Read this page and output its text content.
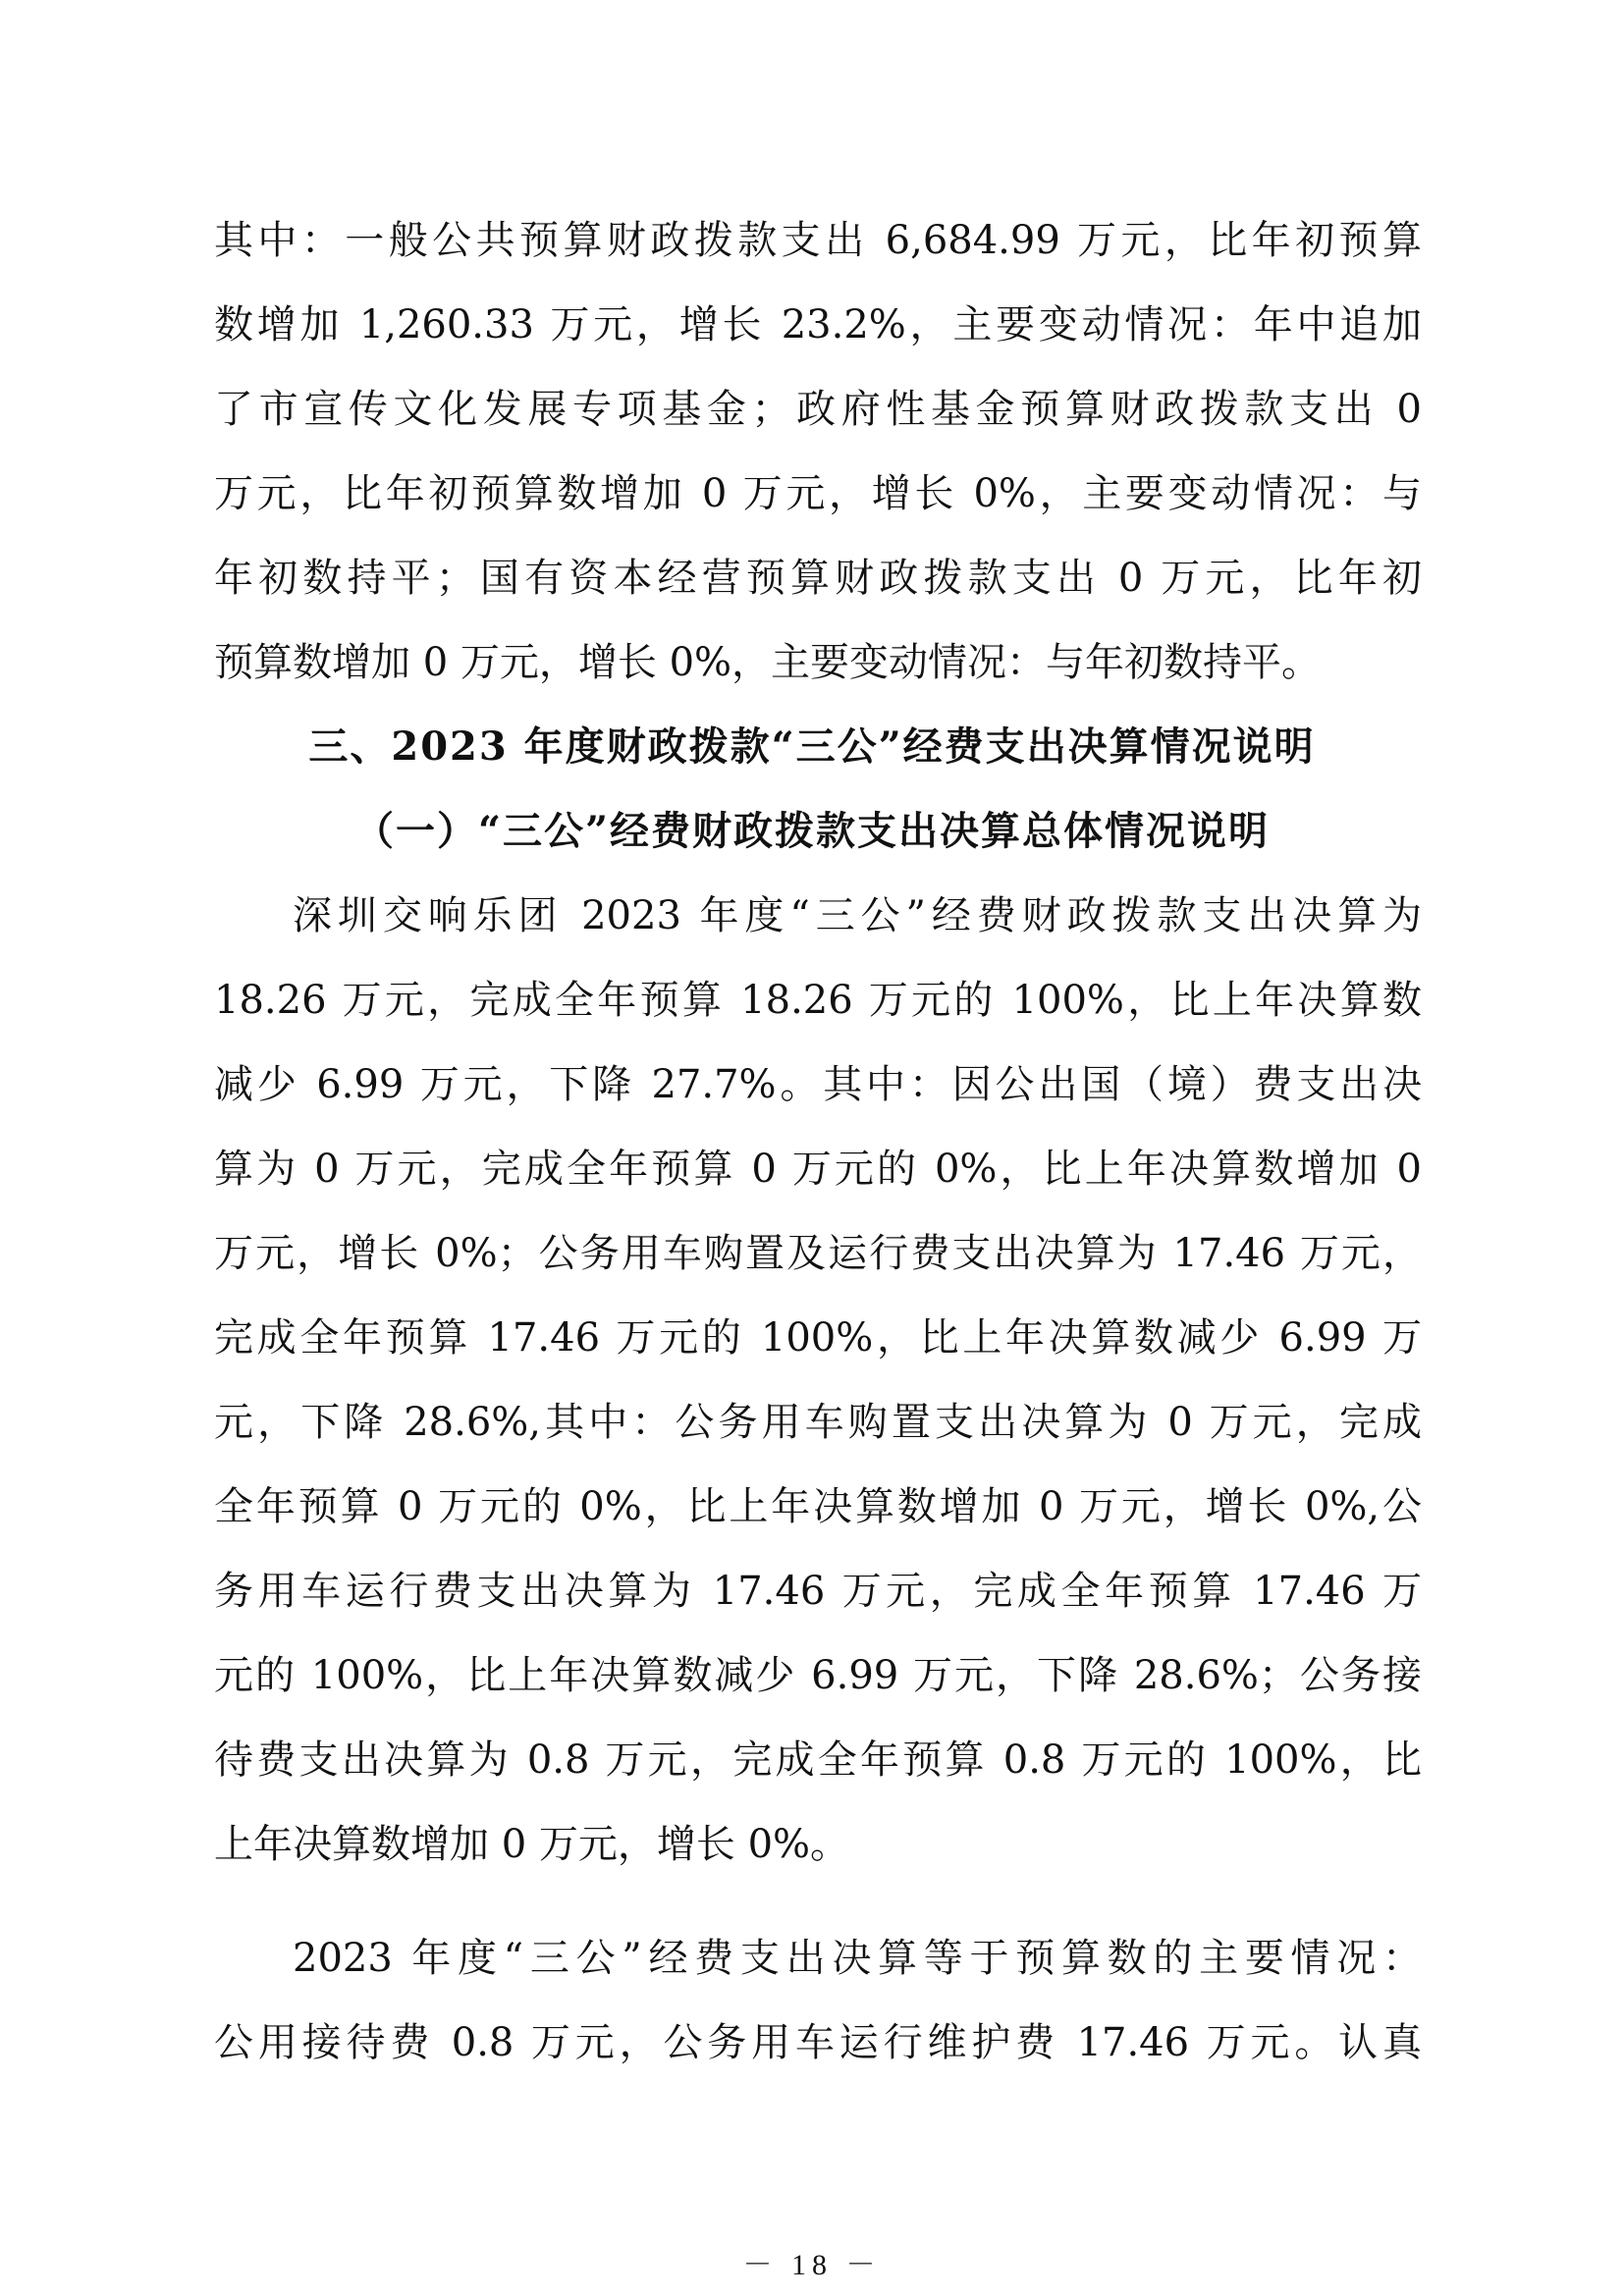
其中：一般公共预算财政拨款支出 6,684.99 万元，比年初预算
数增加 1,260.33 万元，增长 23.2%，主要变动情况：年中追加
了市宣传文化发展专项基金；政府性基金预算财政拨款支出 0
万元，比年初预算数增加 0 万元，增长 0%，主要变动情况：与
年初数持平；国有资本经营预算财政拨款支出 0 万元，比年初
预算数增加 0 万元，增长 0%，主要变动情况：与年初数持平。
三、2023 年度财政拨款“三公”经费支出决算情况说明
（一）“三公”经费财政拨款支出决算总体情况说明
深圳交响乐团 2023 年度“三公”经费财政拨款支出决算为
18.26 万元，完成全年预算 18.26 万元的 100%，比上年决算数
减少 6.99 万元，下降 27.7%。其中：因公出国（境）费支出决
算为 0 万元，完成全年预算 0 万元的 0%，比上年决算数增加 0
万元，增长 0%；公务用车购置及运行费支出决算为 17.46 万元，
完成全年预算 17.46 万元的 100%，比上年决算数减少 6.99 万
元，下降 28.6%,其中：公务用车购置支出决算为 0 万元，完成
全年预算 0 万元的 0%，比上年决算数增加 0 万元，增长 0%,公
务用车运行费支出决算为 17.46 万元，完成全年预算 17.46 万
元的 100%，比上年决算数减少 6.99 万元，下降 28.6%；公务接
待费支出决算为 0.8 万元，完成全年预算 0.8 万元的 100%，比
上年决算数增加 0 万元，增长 0%。
2023 年度“三公”经费支出决算等于预算数的主要情况：
公用接待费 0.8 万元，公务用车运行维护费 17.46 万元。认真
－ 18 －
